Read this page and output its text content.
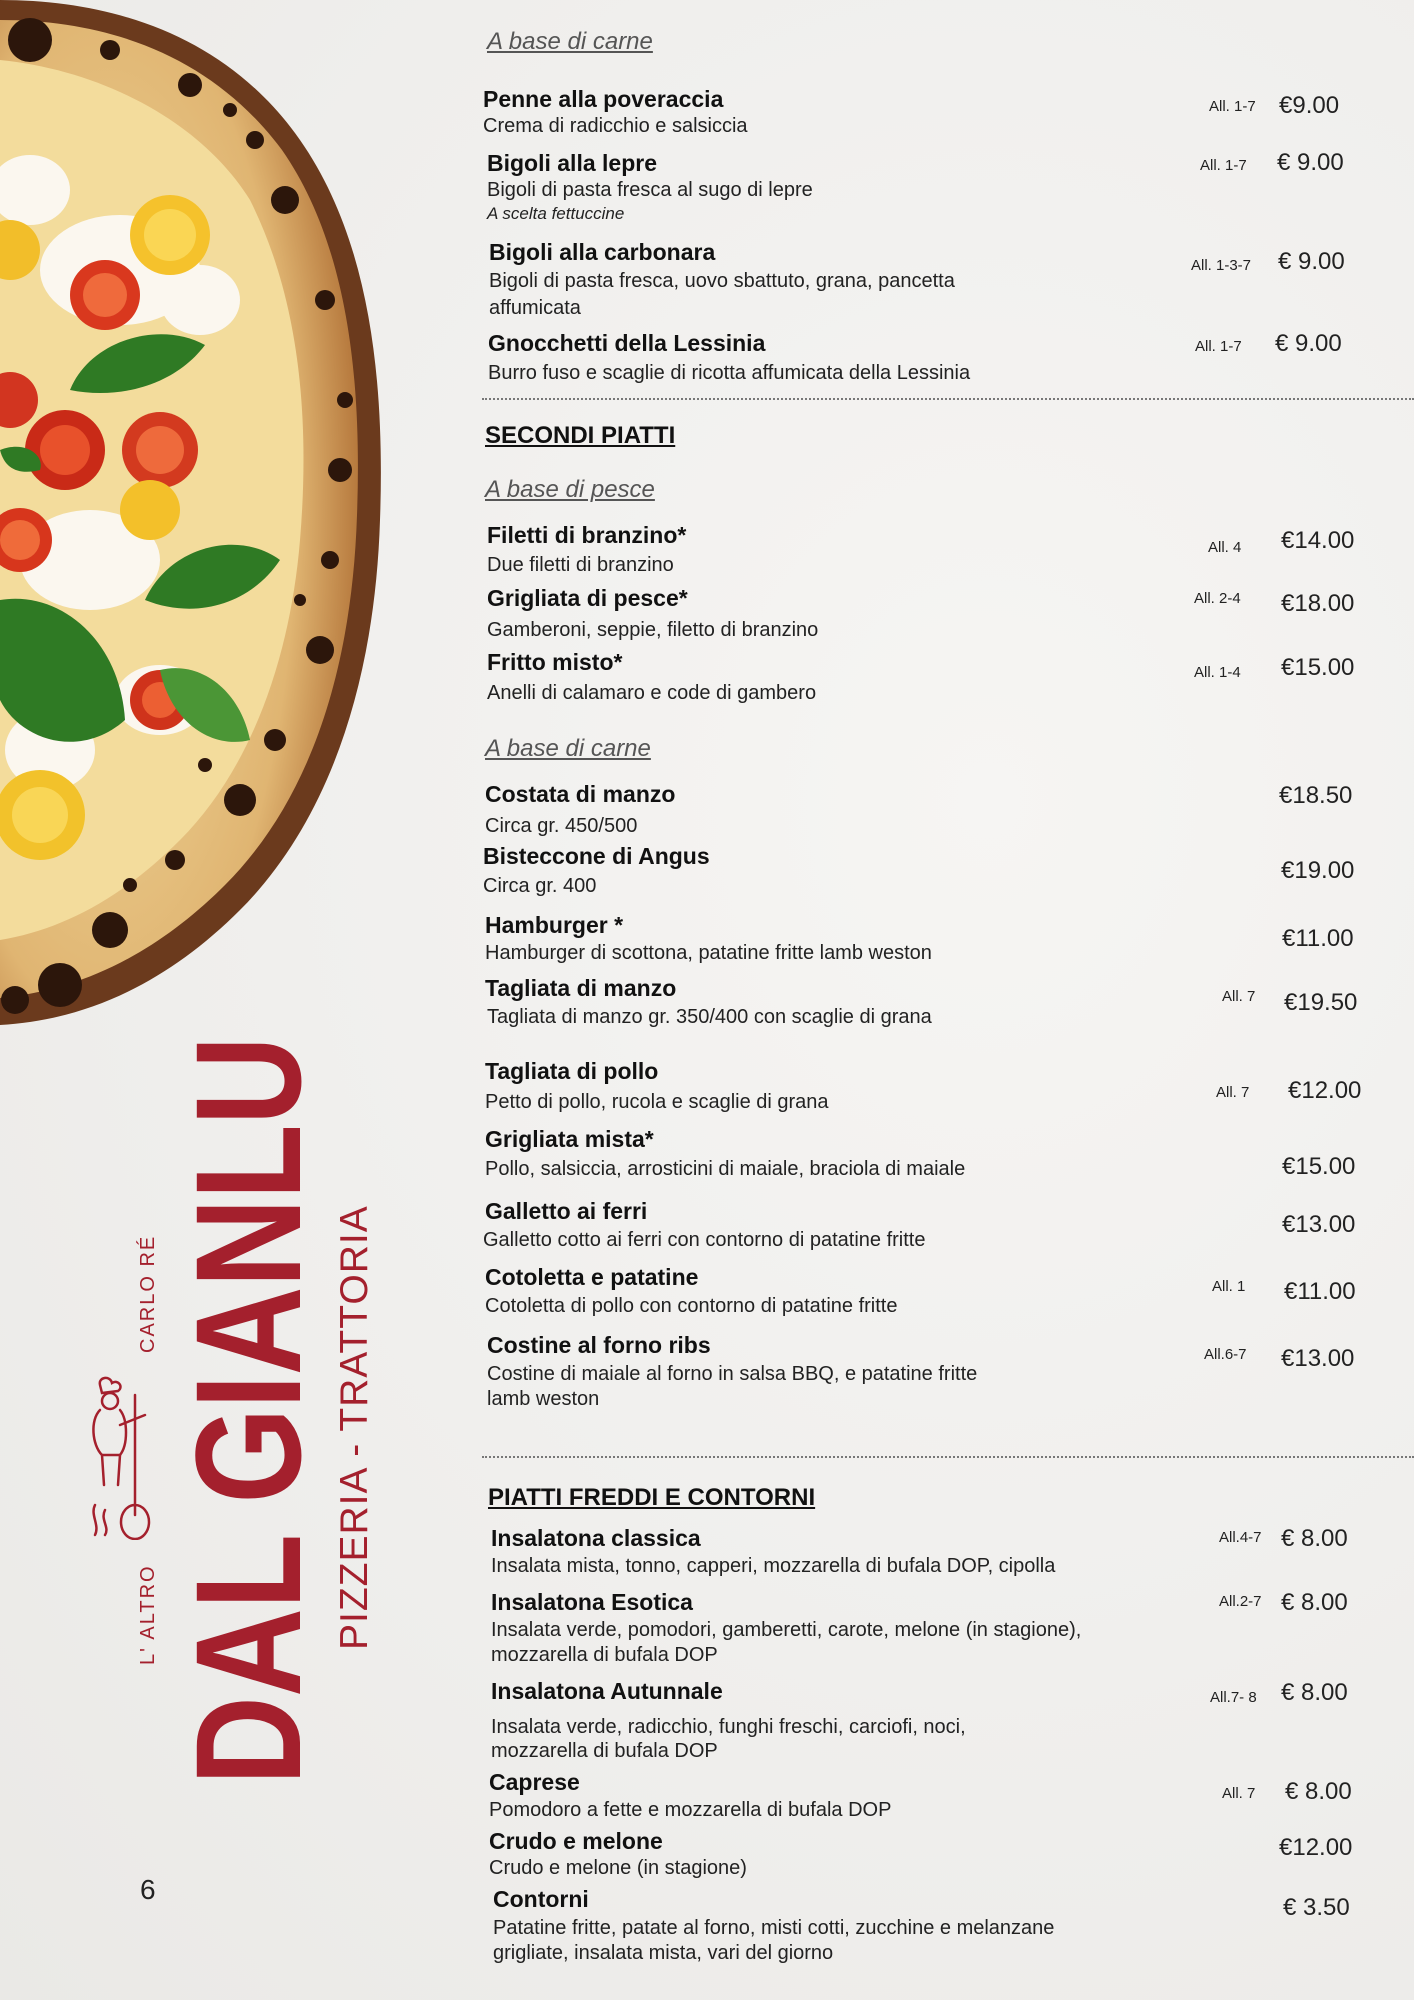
DAL GIANLU PIZZERIA - TRATTORIA
L' ALTRO
CARLO RÉ
6
A base di carne
Penne alla poveraccia
Crema di radicchio e salsiccia
All. 1-7 €9.00
Bigoli alla lepre
Bigoli di pasta fresca al sugo di lepre
A scelta fettuccine
All. 1-7 € 9.00
Bigoli alla carbonara
Bigoli di pasta fresca, uovo sbattuto, grana, pancetta
affumicata
All. 1-3-7 € 9.00
Gnocchetti della Lessinia
Burro fuso e scaglie di ricotta affumicata della Lessinia
All. 1-7 € 9.00
SECONDI PIATTI
A base di pesce
Filetti di branzino*
Due filetti di branzino
All. 4 €14.00
Grigliata di pesce*
Gamberoni, seppie, filetto di branzino
All. 2-4 €18.00
Fritto misto*
Anelli di calamaro e code di gambero
All. 1-4 €15.00
A base di carne
Costata di manzo
Circa gr. 450/500
€18.50
Bisteccone di Angus
Circa gr. 400
€19.00
Hamburger *
Hamburger di scottona, patatine fritte lamb weston
€11.00
Tagliata di manzo
Tagliata di manzo gr. 350/400 con scaglie di grana
All. 7 €19.50
Tagliata di pollo
Petto di pollo, rucola e scaglie di grana	All. 7 €12.00
Grigliata mista*
Pollo, salsiccia, arrosticini di maiale, braciola di maiale	€15.00
Galletto ai ferri
Galletto cotto ai ferri con contorno di patatine fritte
€13.00
Cotoletta e patatine
Cotoletta di pollo con contorno di patatine fritte
All. 1 €11.00
Costine al forno ribs
Costine di maiale al forno in salsa BBQ, e patatine fritte
lamb weston
All.6-7 €13.00
PIATTI FREDDI E CONTORNI
Insalatona classica
Insalata mista, tonno, capperi, mozzarella di bufala DOP, cipolla
All.4-7 € 8.00
Insalatona Esotica
Insalata verde, pomodori, gamberetti, carote, melone (in stagione),
mozzarella di bufala DOP
All.2-7 € 8.00
Insalatona Autunnale
Insalata verde, radicchio, funghi freschi, carciofi, noci,
mozzarella di bufala DOP
All.7- 8 € 8.00
Caprese
Pomodoro a fette e mozzarella di bufala DOP
All. 7 € 8.00
Crudo e melone
Crudo e melone (in stagione)
€12.00
Contorni
Patatine fritte, patate al forno, misti cotti, zucchine e melanzane
grigliate, insalata mista, vari del giorno
€ 3.50
